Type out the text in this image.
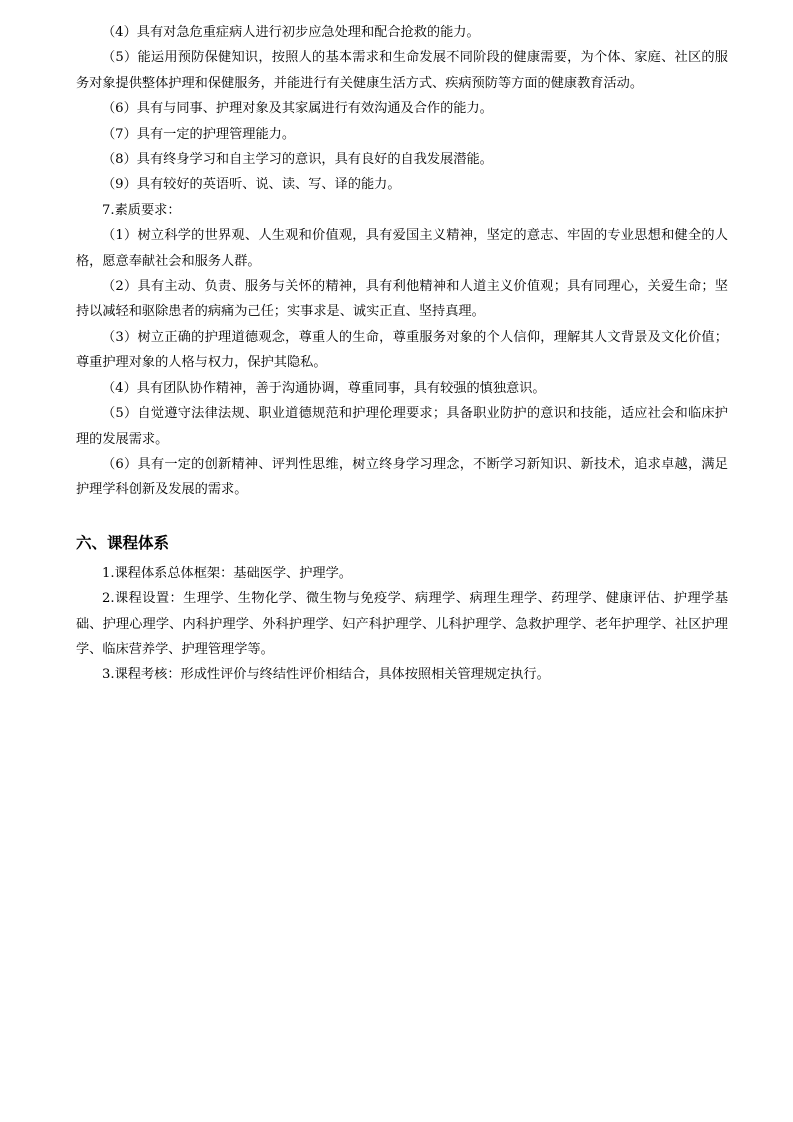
（4）具有对急危重症病人进行初步应急处理和配合抢救的能力。

（5）能运用预防保健知识，按照人的基本需求和生命发展不同阶段的健康需要，为个体、家庭、社区的服务对象提供整体护理和保健服务，并能进行有关健康生活方式、疾病预防等方面的健康教育活动。

（6）具有与同事、护理对象及其家属进行有效沟通及合作的能力。

（7）具有一定的护理管理能力。

（8）具有终身学习和自主学习的意识，具有良好的自我发展潜能。

（9）具有较好的英语听、说、读、写、译的能力。

7.素质要求：

（1）树立科学的世界观、人生观和价值观，具有爱国主义精神，坚定的意志、牢固的专业思想和健全的人格，愿意奉献社会和服务人群。

（2）具有主动、负责、服务与关怀的精神，具有利他精神和人道主义价值观；具有同理心，关爱生命；坚持以减轻和驱除患者的病痛为己任；实事求是、诚实正直、坚持真理。

（3）树立正确的护理道德观念，尊重人的生命，尊重服务对象的个人信仰，理解其人文背景及文化价值；尊重护理对象的人格与权力，保护其隐私。

（4）具有团队协作精神，善于沟通协调，尊重同事，具有较强的慎独意识。

（5）自觉遵守法律法规、职业道德规范和护理伦理要求；具备职业防护的意识和技能，适应社会和临床护理的发展需求。

（6）具有一定的创新精神、评判性思维，树立终身学习理念，不断学习新知识、新技术，追求卓越，满足护理学科创新及发展的需求。

六、课程体系

1.课程体系总体框架：基础医学、护理学。

2.课程设置：生理学、生物化学、微生物与免疫学、病理学、病理生理学、药理学、健康评估、护理学基础、护理心理学、内科护理学、外科护理学、妇产科护理学、儿科护理学、急救护理学、老年护理学、社区护理学、临床营养学、护理管理学等。

3.课程考核：形成性评价与终结性评价相结合，具体按照相关管理规定执行。
